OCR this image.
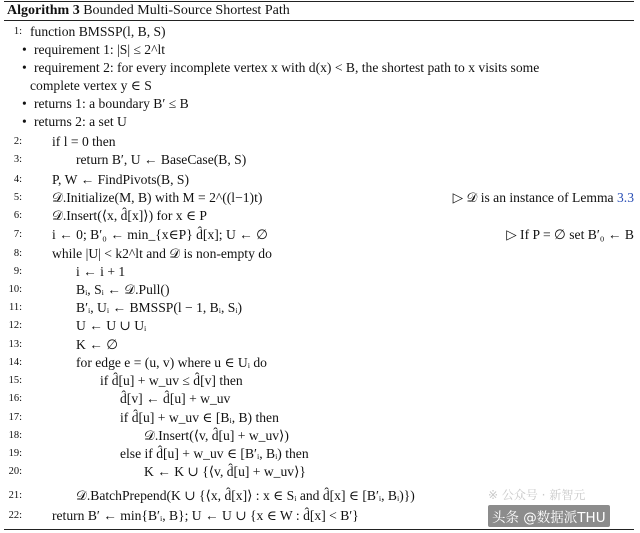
Algorithm 3 Bounded Multi-Source Shortest Path
1: function BMSSP(l, B, S)
• requirement 1: |S| ≤ 2^lt
• requirement 2: for every incomplete vertex x with d(x) < B, the shortest path to x visits some
complete vertex y ∈ S
• returns 1: a boundary B′ ≤ B
• returns 2: a set U
2: if l = 0 then
3:	return B′, U ← BaseCase(B, S)
4: P, W ← FindPivots(B, S)
5: 𝒟.Initialize(M, B) with M = 2^((l−1)t)	▷ 𝒟 is an instance of Lemma 3.3
6: 𝒟.Insert(⟨x, d̂[x]⟩) for x ∈ P
7: i ← 0; B′₀ ← min_{x∈P} d̂[x]; U ← ∅	▷ If P = ∅ set B′₀ ← B
8: while |U| < k2^lt and 𝒟 is non-empty do
9:	i ← i + 1
10:	Bᵢ, Sᵢ ← 𝒟.Pull()
11:	B′ᵢ, Uᵢ ← BMSSP(l − 1, Bᵢ, Sᵢ)
12:	U ← U ∪ Uᵢ
13:	K ← ∅
14:	for edge e = (u, v) where u ∈ Uᵢ do
15:	if d̂[u] + w_uv ≤ d̂[v] then
16:	d̂[v] ← d̂[u] + w_uv
17:	if d̂[u] + w_uv ∈ [Bᵢ, B) then
18:	𝒟.Insert(⟨v, d̂[u] + w_uv⟩)
19:	else if d̂[u] + w_uv ∈ [B′ᵢ, Bᵢ) then
20:	K ← K ∪ {⟨v, d̂[u] + w_uv⟩}
21:	𝒟.BatchPrepend(K ∪ {⟨x, d̂[x]⟩ : x ∈ Sᵢ and d̂[x] ∈ [B′ᵢ, Bᵢ)})
22: return B′ ← min{B′ᵢ, B}; U ← U ∪ {x ∈ W : d̂[x] < B′}
※ 公众号 · 新智元
头条 @数据派THU
